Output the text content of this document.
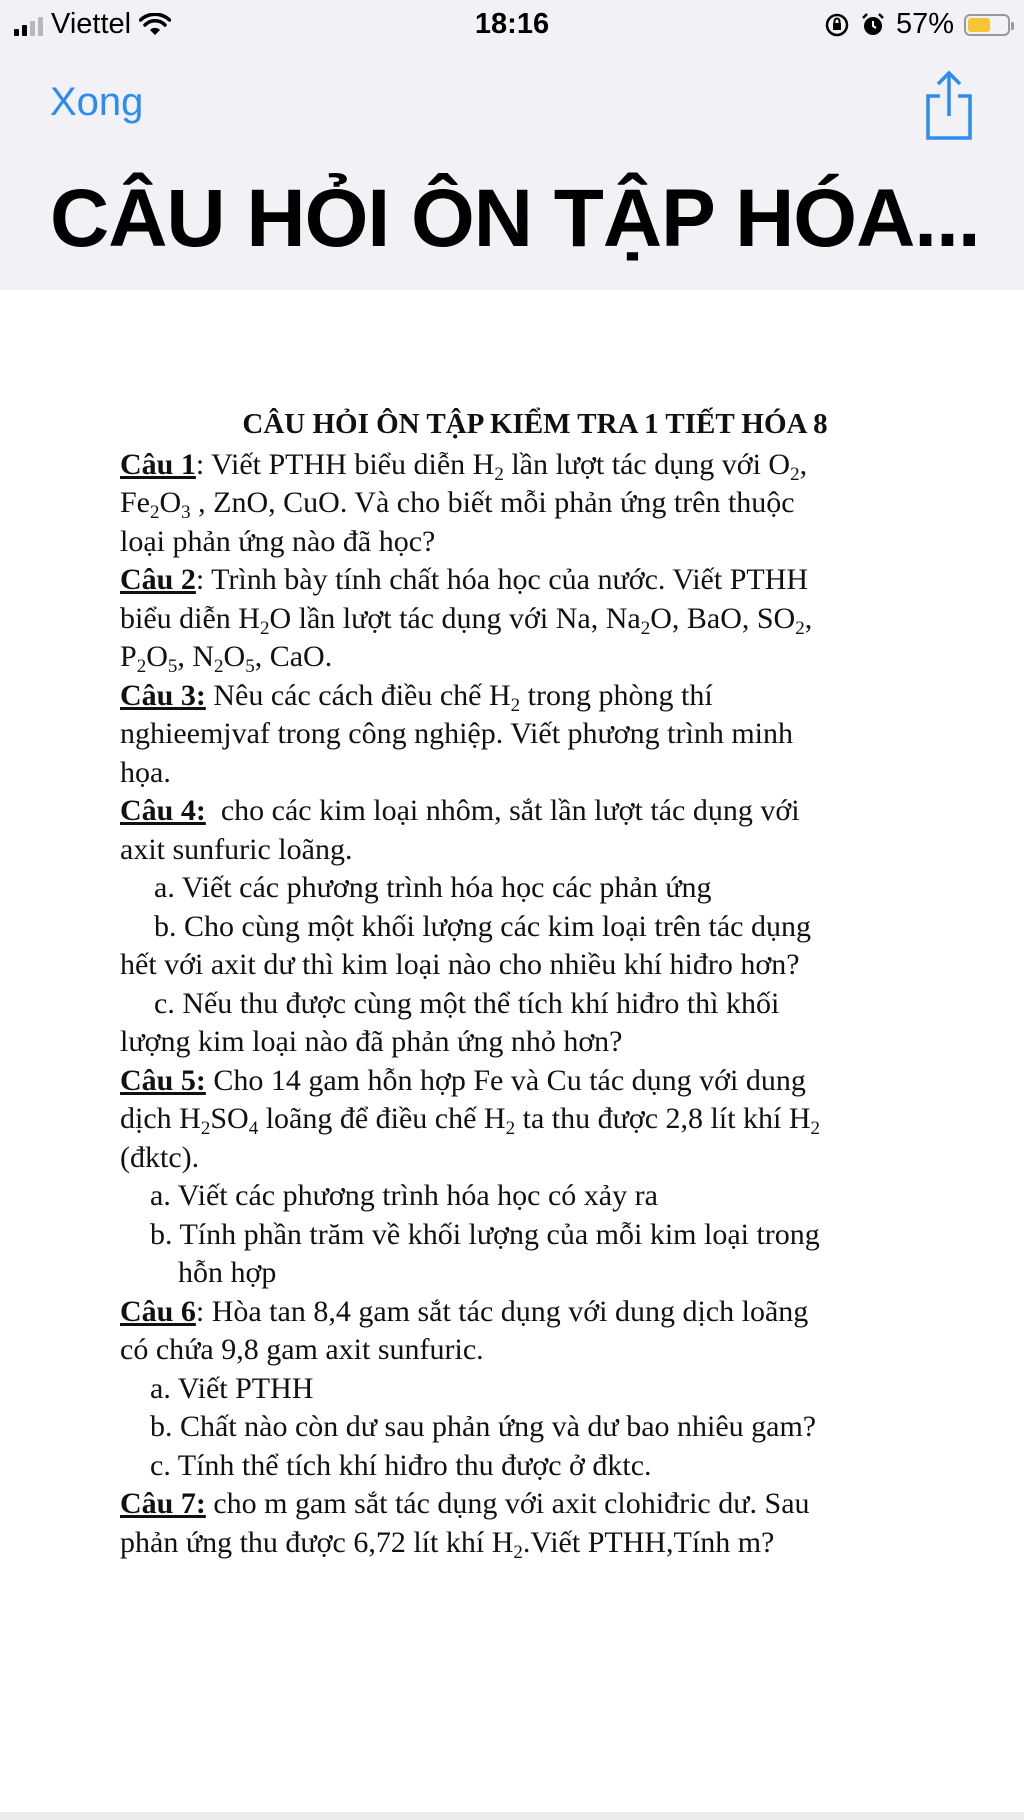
Viettel	18:16	57%
Xong
CÂU HỎI ÔN TẬP HÓA...
CÂU HỎI ÔN TẬP KIỂM TRA 1 TIẾT HÓA 8

Câu 1: Viết PTHH biểu diễn $H_2$ lần lượt tác dụng với $O_2$,

$Fe_2O_3$ , ZnO, CuO. Và cho biết mỗi phản ứng trên thuộc

loại phản ứng nào đã học?

Câu 2: Trình bày tính chất hóa học của nước. Viết PTHH

biểu diễn $H_2O$ lần lượt tác dụng với Na, $Na_2O$, BaO, $SO_2$,

$P_2O_5$, $N_2O_5$, CaO.

Câu 3: Nêu các cách điều chế $H_2$ trong phòng thí

nghieemjvaf trong công nghiệp. Viết phương trình minh

họa.

Câu 4:  cho các kim loại nhôm, sắt lần lượt tác dụng với

axit sunfuric loãng.

a. Viết các phương trình hóa học các phản ứng

b. Cho cùng một khối lượng các kim loại trên tác dụng

hết với axit dư thì kim loại nào cho nhiều khí hiđro hơn?

c. Nếu thu được cùng một thể tích khí hiđro thì khối

lượng kim loại nào đã phản ứng nhỏ hơn?

Câu 5: Cho 14 gam hỗn hợp Fe và Cu tác dụng với dung

dịch $H_2SO_4$ loãng để điều chế $H_2$ ta thu được 2,8 lít khí $H_2$

(đktc).

a. Viết các phương trình hóa học có xảy ra

b. Tính phần trăm về khối lượng của mỗi kim loại trong

hỗn hợp

Câu 6: Hòa tan 8,4 gam sắt tác dụng với dung dịch loãng

có chứa 9,8 gam axit sunfuric.

a. Viết PTHH

b. Chất nào còn dư sau phản ứng và dư bao nhiêu gam?

c. Tính thể tích khí hiđro thu được ở đktc.

Câu 7: cho m gam sắt tác dụng với axit clohiđric dư. Sau

phản ứng thu được 6,72 lít khí $H_2.Viết$ PTHH,Tính m?
